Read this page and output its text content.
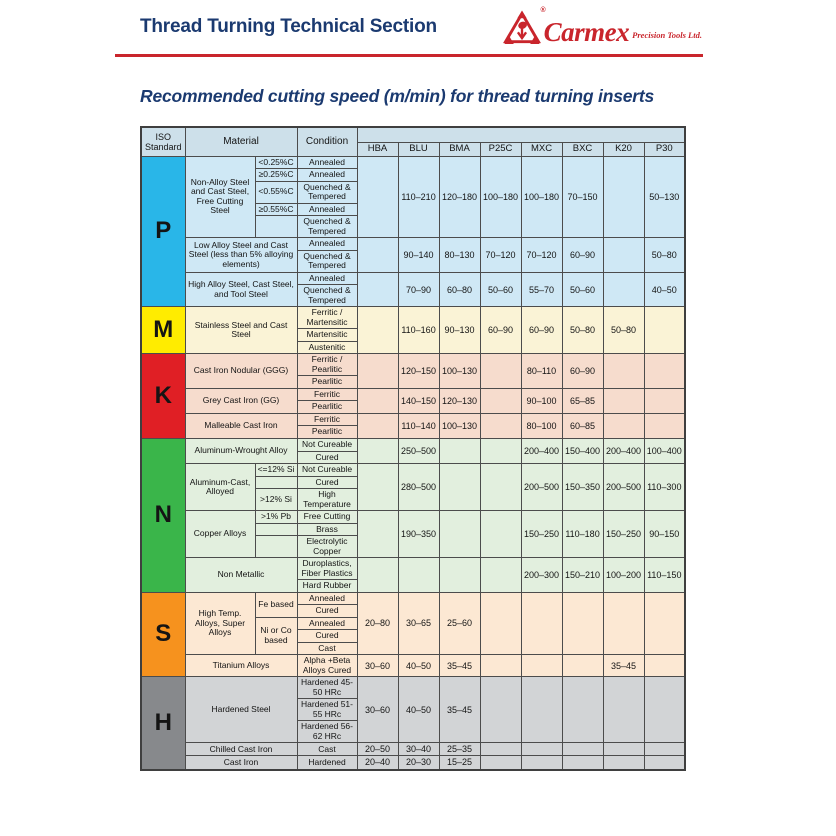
Thread Turning Technical Section
®
Carmex Precision Tools Ltd.
Recommended cutting speed (m/min) for thread turning inserts
ISO
Standard	Material		Condition								
				HBA	BLU	BMA	P25C	MXC	BXC	K20	P30
P	Non-Alloy Steel and Cast Steel, Free Cutting Steel	<0.25%C	Annealed		110–210	120–180	100–180	100–180	70–150		50–130
		≥0.25%C	Annealed								
		<0.55%C	Quenched & Tempered								
		≥0.55%C	Annealed								
			Quenched & Tempered								
	Low Alloy Steel and Cast Steel (less than 5% alloying elements)		Annealed		90–140	80–130	70–120	70–120	60–90		50–80
			Quenched & Tempered								
	High Alloy Steel, Cast Steel, and Tool Steel		Annealed		70–90	60–80	50–60	55–70	50–60		40–50
			Quenched & Tempered								
M	Stainless Steel and Cast Steel		Ferritic / Martensitic		110–160	90–130	60–90	60–90	50–80	50–80	
			Martensitic								
			Austenitic								
K	Cast Iron Nodular (GGG)		Ferritic / Pearlitic		120–150	100–130		80–110	60–90		
			Pearlitic								
	Grey Cast Iron (GG)		Ferritic		140–150	120–130		90–100	65–85		
			Pearlitic								
	Malleable Cast Iron		Ferritic		110–140	100–130		80–100	60–85		
			Pearlitic								
N	Aluminum-Wrought Alloy		Not Cureable		250–500			200–400	150–400	200–400	100–400
			Cured								
	Aluminum-Cast, Alloyed	<=12% Si	Not Cureable		280–500			200–500	150–350	200–500	110–300
			Cured								
		>12% Si	High Temperature								
	Copper Alloys	>1% Pb	Free Cutting		190–350			150–250	110–180	150–250	90–150
			Brass								
			Electrolytic Copper								
	Non Metallic		Duroplastics, Fiber Plastics					200–300	150–210	100–200	110–150
			Hard Rubber								
S	High Temp. Alloys, Super Alloys	Fe based	Annealed	20–80	30–65	25–60					
			Cured								
		Ni or Co based	Annealed								
			Cured								
			Cast								
	Titanium Alloys		Alpha +Beta Alloys Cured	30–60	40–50	35–45				35–45	
H	Hardened Steel		Hardened 45-50 HRc	30–60	40–50	35–45					
			Hardened 51-55 HRc								
			Hardened 56-62 HRc								
	Chilled Cast Iron		Cast	20–50	30–40	25–35					
	Cast Iron		Hardened	20–40	20–30	15–25					
